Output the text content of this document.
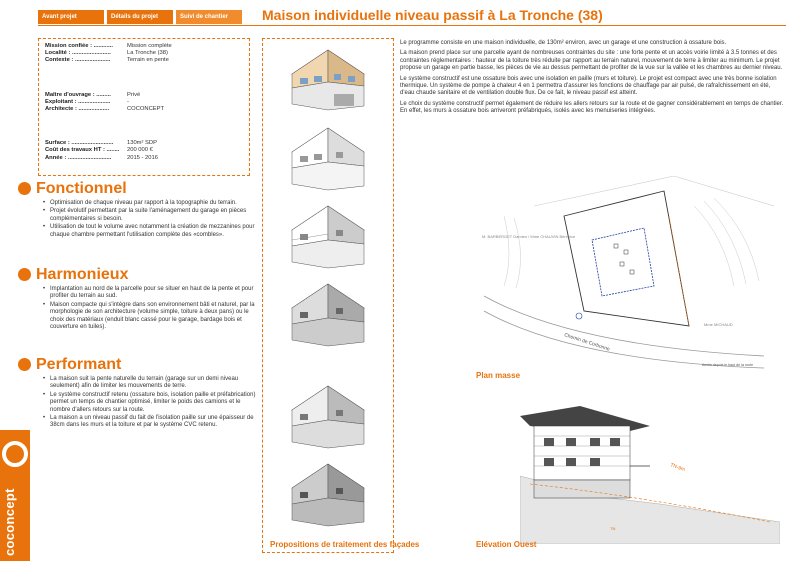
Avant projet	Détails du projet	Suivi de chantier	Maison individuelle niveau passif à La Tronche (38)
coconcept
Mission confiée : ............	Mission complète
Localité : ........................	La Tronche (38)
Contexte : ......................	Terrain en pente
Maître d'ouvrage : .........	Privé
Exploitant : ....................	-
Architecte : ...................	COCONCEPT
Surface : ..........................	130m² SDP
Coût des travaux HT : ........	200 000 €
Année : ...........................	2015 - 2016
Fonctionnel
• Optimisation de chaque niveau par rapport à la topographie du terrain.
• Projet évolutif permettant par la suite l'aménagement du garage en pièces complémentaires si besoin.
• Utilisation de tout le volume avec notamment la création de mezzanines pour chaque chambre permettant l'utilisation complète des «combles».
Harmonieux
• Implantation au nord de la parcelle pour se situer en haut de la pente et pour profiter du terrain au sud.
• Maison compacte qui s'intègre dans son environnement bâti et naturel, par la morphologie de son architecture (volume simple, toiture à deux pans) ou le choix des matériaux (enduit blanc cassé pour le garage, bardage bois et couverture en tuiles).
Performant
• La maison suit la pente naturelle du terrain (garage sur un demi niveau seulement) afin de limiter les mouvements de terre.
• Le système constructif retenu (ossature bois, isolation paille et préfabrication) permet un temps de chantier optimisé, limiter le poids des camions et le nombre d'allers retours sur la route.
• La maison a un niveau passif du fait de l'isolation paille sur une épaisseur de 38cm dans les murs et la toiture et par le système CVC retenu.
Propositions de traitement des façades

Le programme consiste en une maison individuelle, de 130m² environ, avec un garage et une construction à ossature bois.

La maison prend place sur une parcelle ayant de nombreuses contraintes du site : une forte pente et un accès voirie limité à 3.5 tonnes et des contraintes réglementaires : hauteur de la toiture très réduite par rapport au terrain naturel, mouvement de terre à limiter au minimum. Le projet propose un garage en partie basse, les pièces de vie au dessus permettant de profiter de la vue sur la vallée et les chambres au dernier niveau.

Le système constructif est une ossature bois avec une isolation en paille (murs et toiture). Le projet est compact avec une très bonne isolation thermique. Un système de pompe à chaleur 4 en 1 permettra d'assurer les fonctions de chauffage par air pulsé, de rafraîchissement en été, d'eau chaude sanitaire et de ventilation double flux. De ce fait, le niveau passif est atteint.

Le choix du système constructif permet également de réduire les allers retours sur la route et de gagner considérablement en temps de chantier. En effet, les murs à ossature bois arriveront préfabriqués, isolés avec les menuiseries intégrées.

M. BARBERGET Damien / Mme CHAUVIN Bérénice
Mme MICHAUD
Chemin de Corbonne
Accès depuis le haut de la route
Plan masse
TN-9m
TN
Elévation Ouest
